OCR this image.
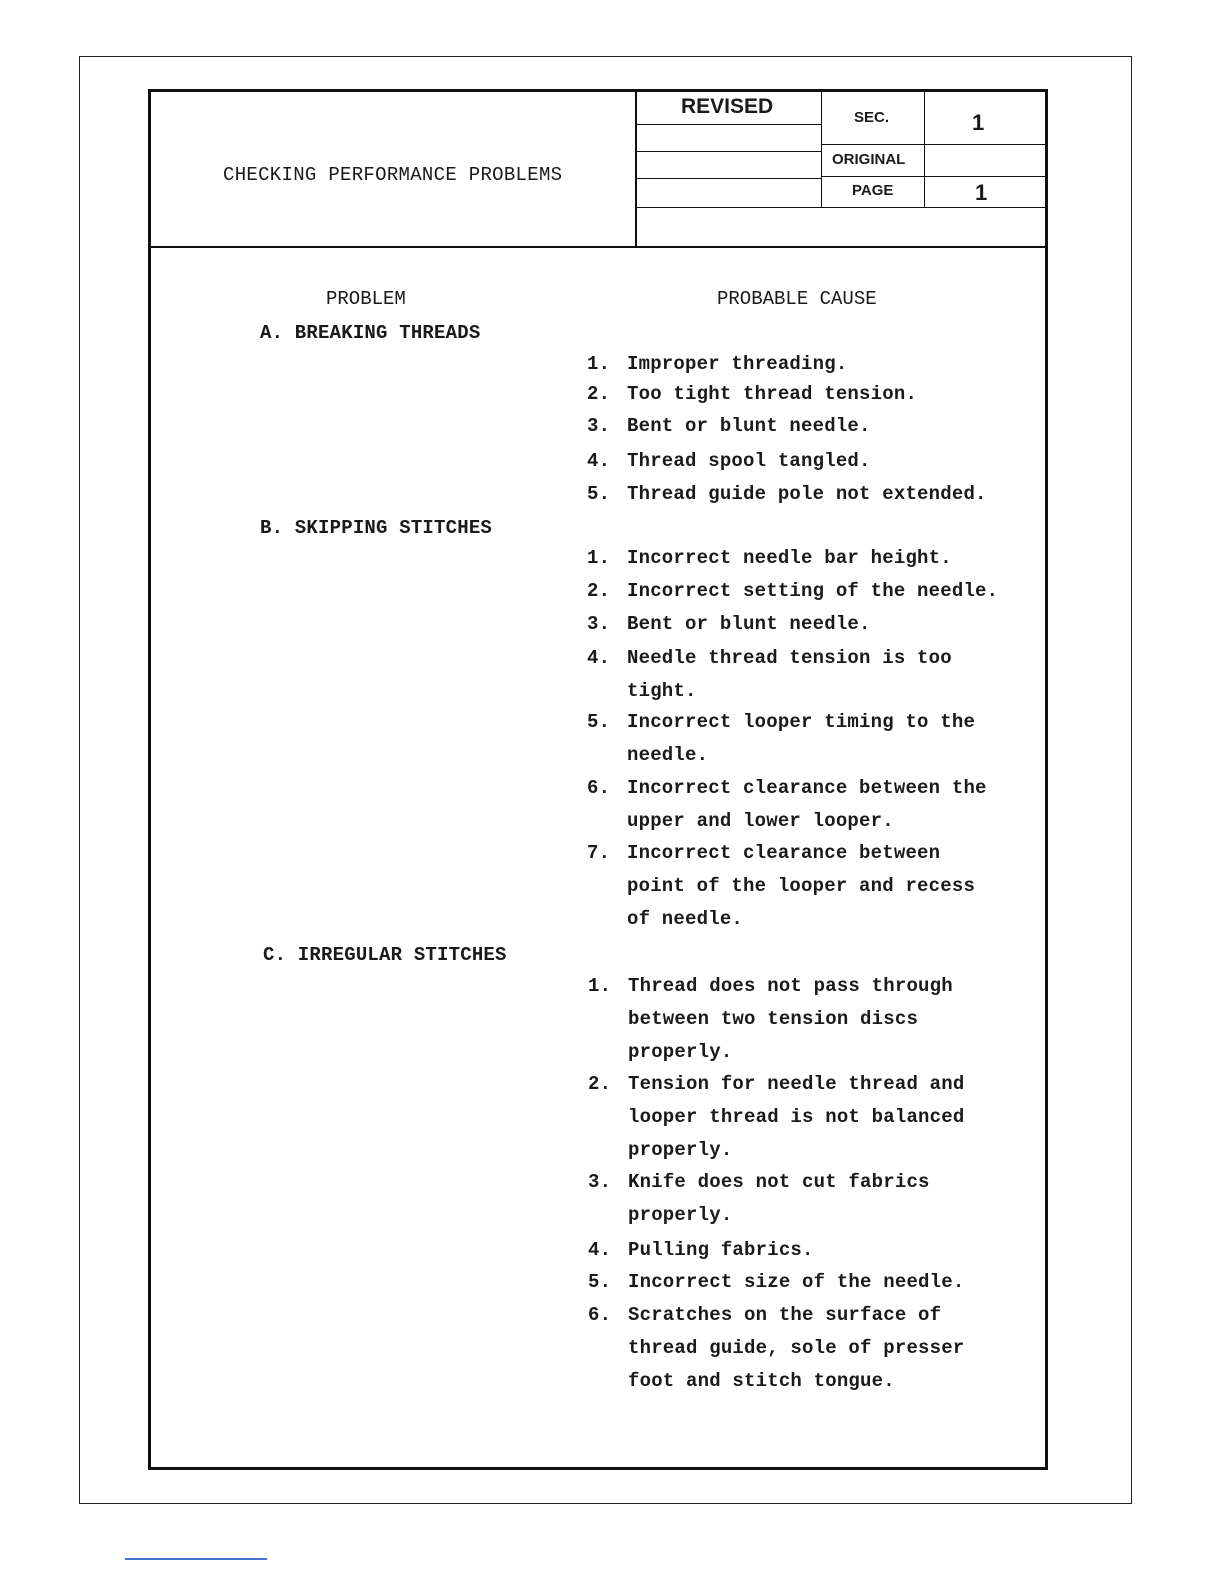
CHECKING PERFORMANCE PROBLEMS
REVISED	SEC.	1
ORIGINAL
PAGE	1
PROBLEM	PROBABLE CAUSE
A. BREAKING THREADS
1. Improper threading.
2. Too tight thread tension.
3. Bent or blunt needle.
4. Thread spool tangled.
5. Thread guide pole not extended.
B. SKIPPING STITCHES
1. Incorrect needle bar height.
2. Incorrect setting of the needle.
3. Bent or blunt needle.
4. Needle thread tension is too
tight.
5. Incorrect looper timing to the
needle.
6. Incorrect clearance between the
upper and lower looper.
7. Incorrect clearance between
point of the looper and recess
of needle.
C. IRREGULAR STITCHES
1. Thread does not pass through
between two tension discs
properly.
2. Tension for needle thread and
looper thread is not balanced
properly.
3. Knife does not cut fabrics
properly.
4. Pulling fabrics.
5. Incorrect size of the needle.
6. Scratches on the surface of
thread guide, sole of presser
foot and stitch tongue.
